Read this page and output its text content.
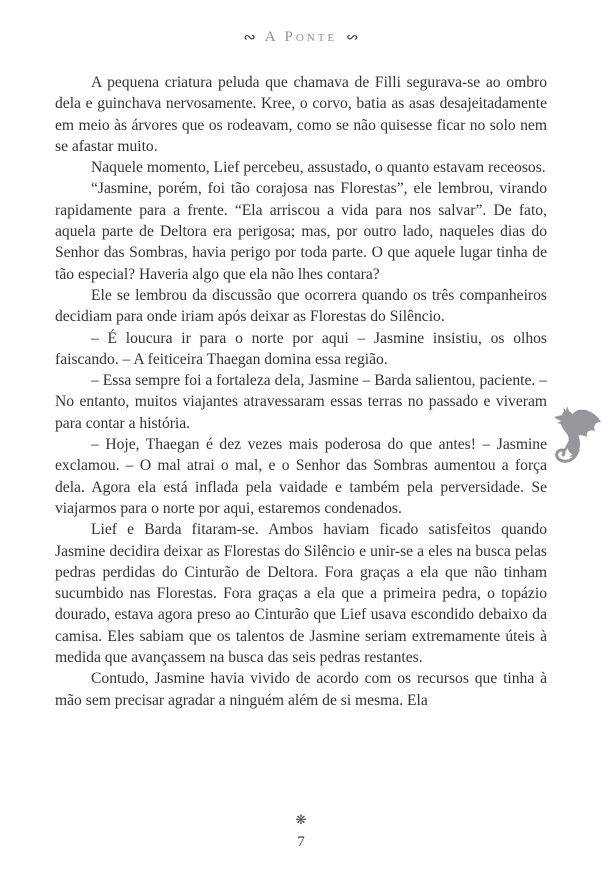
∾ A Ponte ∾

A pequena criatura peluda que chamava de Filli segurava-se ao ombro dela e guinchava nervosamente. Kree, o corvo, batia as asas desajeitadamente em meio às árvores que os rodeavam, como se não quisesse ficar no solo nem se afastar muito.

Naquele momento, Lief percebeu, assustado, o quanto estavam receosos.

“Jasmine, porém, foi tão corajosa nas Florestas”, ele lembrou, virando rapidamente para a frente. “Ela arriscou a vida para nos salvar”. De fato, aquela parte de Deltora era perigosa; mas, por outro lado, naqueles dias do Senhor das Sombras, havia perigo por toda parte. O que aquele lugar tinha de tão especial? Haveria algo que ela não lhes contara?

Ele se lembrou da discussão que ocorrera quando os três companheiros decidiam para onde iriam após deixar as Florestas do Silêncio.

– É loucura ir para o norte por aqui – Jasmine insistiu, os olhos faiscando. – A feiticeira Thaegan domina essa região.

– Essa sempre foi a fortaleza dela, Jasmine – Barda salientou, paciente. – No entanto, muitos viajantes atravessaram essas terras no passado e viveram para contar a história.

– Hoje, Thaegan é dez vezes mais poderosa do que antes! – Jasmine exclamou. – O mal atrai o mal, e o Senhor das Sombras aumentou a força dela. Agora ela está inflada pela vaidade e também pela perversidade. Se viajarmos para o norte por aqui, estaremos condenados.

Lief e Barda fitaram-se. Ambos haviam ficado satisfeitos quando Jasmine decidira deixar as Florestas do Silêncio e unir-se a eles na busca pelas pedras perdidas do Cinturão de Deltora. Fora graças a ela que não tinham sucumbido nas Florestas. Fora graças a ela que a primeira pedra, o topázio dourado, estava agora preso ao Cinturão que Lief usava escondido debaixo da camisa. Eles sabiam que os talentos de Jasmine seriam extremamente úteis à medida que avançassem na busca das seis pedras restantes.

Contudo, Jasmine havia vivido de acordo com os recursos que tinha à mão sem precisar agradar a ninguém além de si mesma. Ela

❋
7
